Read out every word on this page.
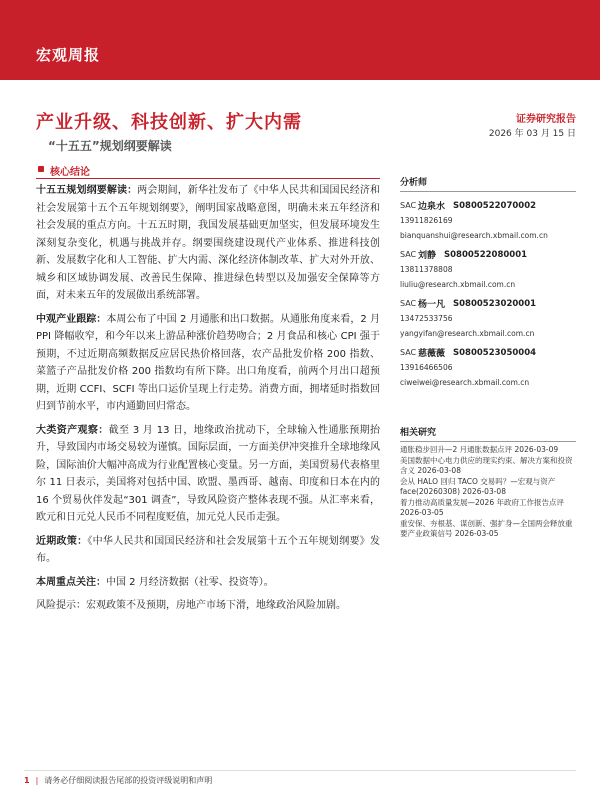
宏观周报
产业升级、科技创新、扩大内需
“十五五”规划纲要解读
证券研究报告
2026 年 03 月 15 日
核心结论

十五五规划纲要解读：两会期间，新华社发布了《中华人民共和国国民经济和社会发展第十五个五年规划纲要》，阐明国家战略意图，明确未来五年经济和社会发展的重点方向。十五五时期，我国发展基础更加坚实，但发展环境发生深刻复杂变化，机遇与挑战并存。纲要围绕建设现代产业体系、推进科技创新、发展数字化和人工智能、扩大内需、深化经济体制改革、扩大对外开放、城乡和区域协调发展、改善民生保障、推进绿色转型以及加强安全保障等方面，对未来五年的发展做出系统部署。

中观产业跟踪：本周公布了中国 2 月通胀和出口数据。从通胀角度来看，2 月 PPI 降幅收窄，和今年以来上游品种涨价趋势吻合；2 月食品和核心 CPI 强于预期，不过近期高频数据反应居民热价格回落，农产品批发价格 200 指数、菜篮子产品批发价格 200 指数均有所下降。出口角度看，前两个月出口超预期，近期 CCFI、SCFI 等出口运价呈现上行走势。消费方面，拥堵延时指数回归到节前水平，市内通勤回归常态。

大类资产观察：截至 3 月 13 日，地缘政治扰动下，全球输入性通胀预期抬升，导致国内市场交易较为谨慎。国际层面，一方面美伊冲突推升全球地缘风险，国际油价大幅冲高成为行业配置核心变量。另一方面，美国贸易代表格里尔 11 日表示，美国将对包括中国、欧盟、墨西哥、越南、印度和日本在内的 16 个贸易伙伴发起“301 调查”，导致风险资产整体表现不强。从汇率来看，欧元和日元兑人民币不同程度贬值，加元兑人民币走强。

近期政策：《中华人民共和国国民经济和社会发展第十五个五年规划纲要》发布。

本周重点关注：中国 2 月经济数据（社零、投资等）。

风险提示：宏观政策不及预期，房地产市场下滑，地缘政治风险加剧。

分析师
SAC 边泉水 S0800522070002
13911826169
bianquanshui@research.xbmail.com.cn
SAC 刘静 S0800522080001
13811378808
liuliu@research.xbmail.com.cn
SAC 杨一凡 S0800523020001
13472533756
yangyifan@research.xbmail.com.cn
SAC 慈薇薇 S0800523050004
13916466506
ciweiwei@research.xbmail.com.cn
相关研究
通胀稳步回升—2 月通胀数据点评 2026-03-09
美国数据中心电力供应的现实约束、解决方案和投资含义 2026-03-08
会从 HALO 回归 TACO 交易吗？—宏观与资产face(20260308) 2026-03-08
着力推动高质量发展—2026 年政府工作报告点评 2026-03-05
重安保、夯根基、谋创新、强扩身—全国两会释放重要产业政策信号 2026-03-05
1 | 请务必仔细阅读报告尾部的投资评级说明和声明
